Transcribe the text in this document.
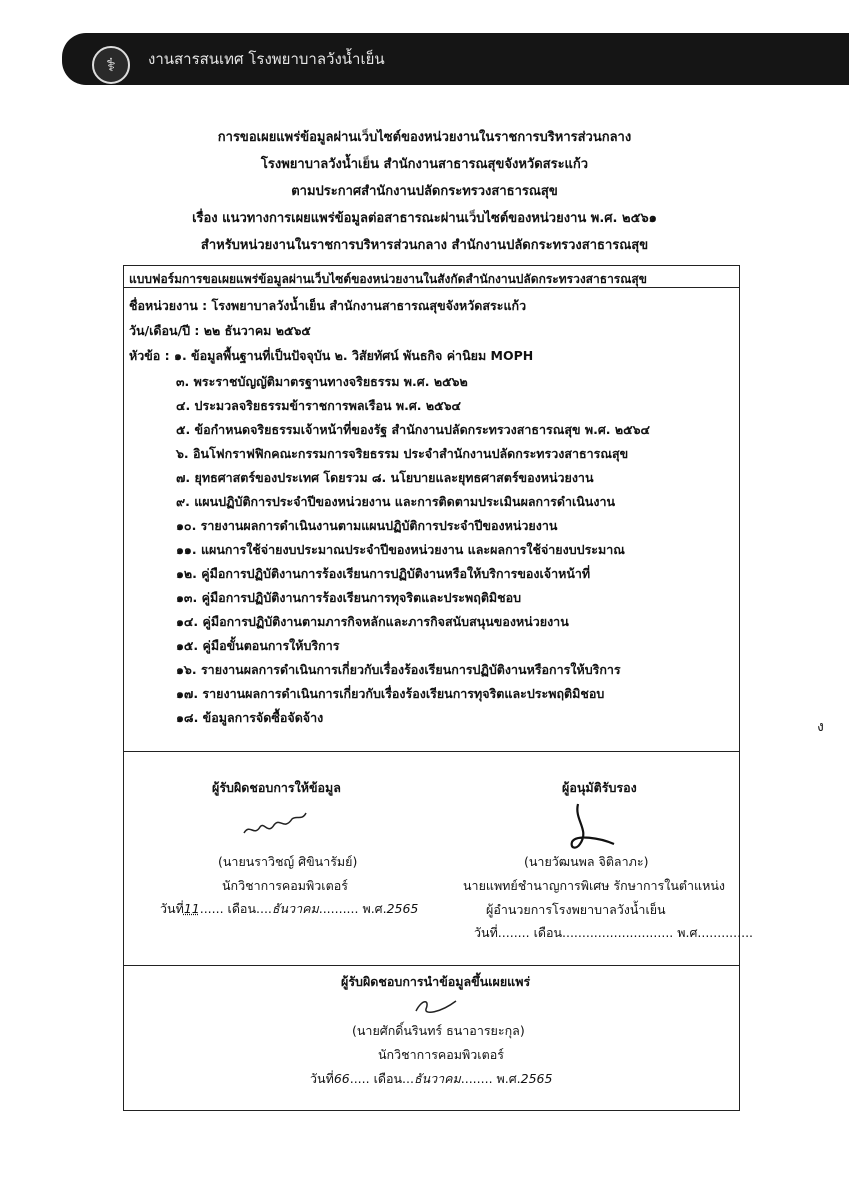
⚕	งานสารสนเทศ โรงพยาบาลวังน้ำเย็น
การขอเผยแพร่ข้อมูลผ่านเว็บไซต์ของหน่วยงานในราชการบริหารส่วนกลาง
โรงพยาบาลวังน้ำเย็น สำนักงานสาธารณสุขจังหวัดสระแก้ว
ตามประกาศสำนักงานปลัดกระทรวงสาธารณสุข
เรื่อง แนวทางการเผยแพร่ข้อมูลต่อสาธารณะผ่านเว็บไซต์ของหน่วยงาน พ.ศ. ๒๕๖๑
สำหรับหน่วยงานในราชการบริหารส่วนกลาง สำนักงานปลัดกระทรวงสาธารณสุข
แบบฟอร์มการขอเผยแพร่ข้อมูลผ่านเว็บไซต์ของหน่วยงานในสังกัดสำนักงานปลัดกระทรวงสาธารณสุข
ชื่อหน่วยงาน : โรงพยาบาลวังน้ำเย็น สำนักงานสาธารณสุขจังหวัดสระแก้ว
วัน/เดือน/ปี : ๒๒ ธันวาคม ๒๕๖๕
หัวข้อ : ๑. ข้อมูลพื้นฐานที่เป็นปัจจุบัน ๒. วิสัยทัศน์ พันธกิจ ค่านิยม MOPH
๓. พระราชบัญญัติมาตรฐานทางจริยธรรม พ.ศ. ๒๕๖๒
๔. ประมวลจริยธรรมข้าราชการพลเรือน พ.ศ. ๒๕๖๔
๕. ข้อกำหนดจริยธรรมเจ้าหน้าที่ของรัฐ สำนักงานปลัดกระทรวงสาธารณสุข พ.ศ. ๒๕๖๔
๖. อินโฟกราฟฟิกคณะกรรมการจริยธรรม ประจำสำนักงานปลัดกระทรวงสาธารณสุข
๗. ยุทธศาสตร์ของประเทศ โดยรวม ๘. นโยบายและยุทธศาสตร์ของหน่วยงาน
๙. แผนปฏิบัติการประจำปีของหน่วยงาน และการติดตามประเมินผลการดำเนินงาน
๑๐. รายงานผลการดำเนินงานตามแผนปฏิบัติการประจำปีของหน่วยงาน
๑๑. แผนการใช้จ่ายงบประมาณประจำปีของหน่วยงาน และผลการใช้จ่ายงบประมาณ
๑๒. คู่มือการปฏิบัติงานการร้องเรียนการปฏิบัติงานหรือให้บริการของเจ้าหน้าที่
๑๓. คู่มือการปฏิบัติงานการร้องเรียนการทุจริตและประพฤติมิชอบ
๑๔. คู่มือการปฏิบัติงานตามภารกิจหลักและภารกิจสนับสนุนของหน่วยงาน
๑๕. คู่มือขั้นตอนการให้บริการ
๑๖. รายงานผลการดำเนินการเกี่ยวกับเรื่องร้องเรียนการปฏิบัติงานหรือการให้บริการ
๑๗. รายงานผลการดำเนินการเกี่ยวกับเรื่องร้องเรียนการทุจริตและประพฤติมิชอบ
๑๘. ข้อมูลการจัดซื้อจัดจ้าง
ผู้รับผิดชอบการให้ข้อมูล
(นายนราวิชญ์ ศิขินารัมย์)
นักวิชาการคอมพิวเตอร์
วันที่11...... เดือน....ธันวาคม.......... พ.ศ.2565
ผู้อนุมัติรับรอง
(นายวัฒนพล จิติลาภะ)
นายแพทย์ชำนาญการพิเศษ รักษาการในตำแหน่ง
ผู้อำนวยการโรงพยาบาลวังน้ำเย็น
วันที่........ เดือน............................ พ.ศ..............
ผู้รับผิดชอบการนำข้อมูลขึ้นเผยแพร่
(นายศักดิ์นรินทร์ ธนาอารยะกุล)
นักวิชาการคอมพิวเตอร์
วันที่66..... เดือน...ธันวาคม........ พ.ศ.2565
ง
